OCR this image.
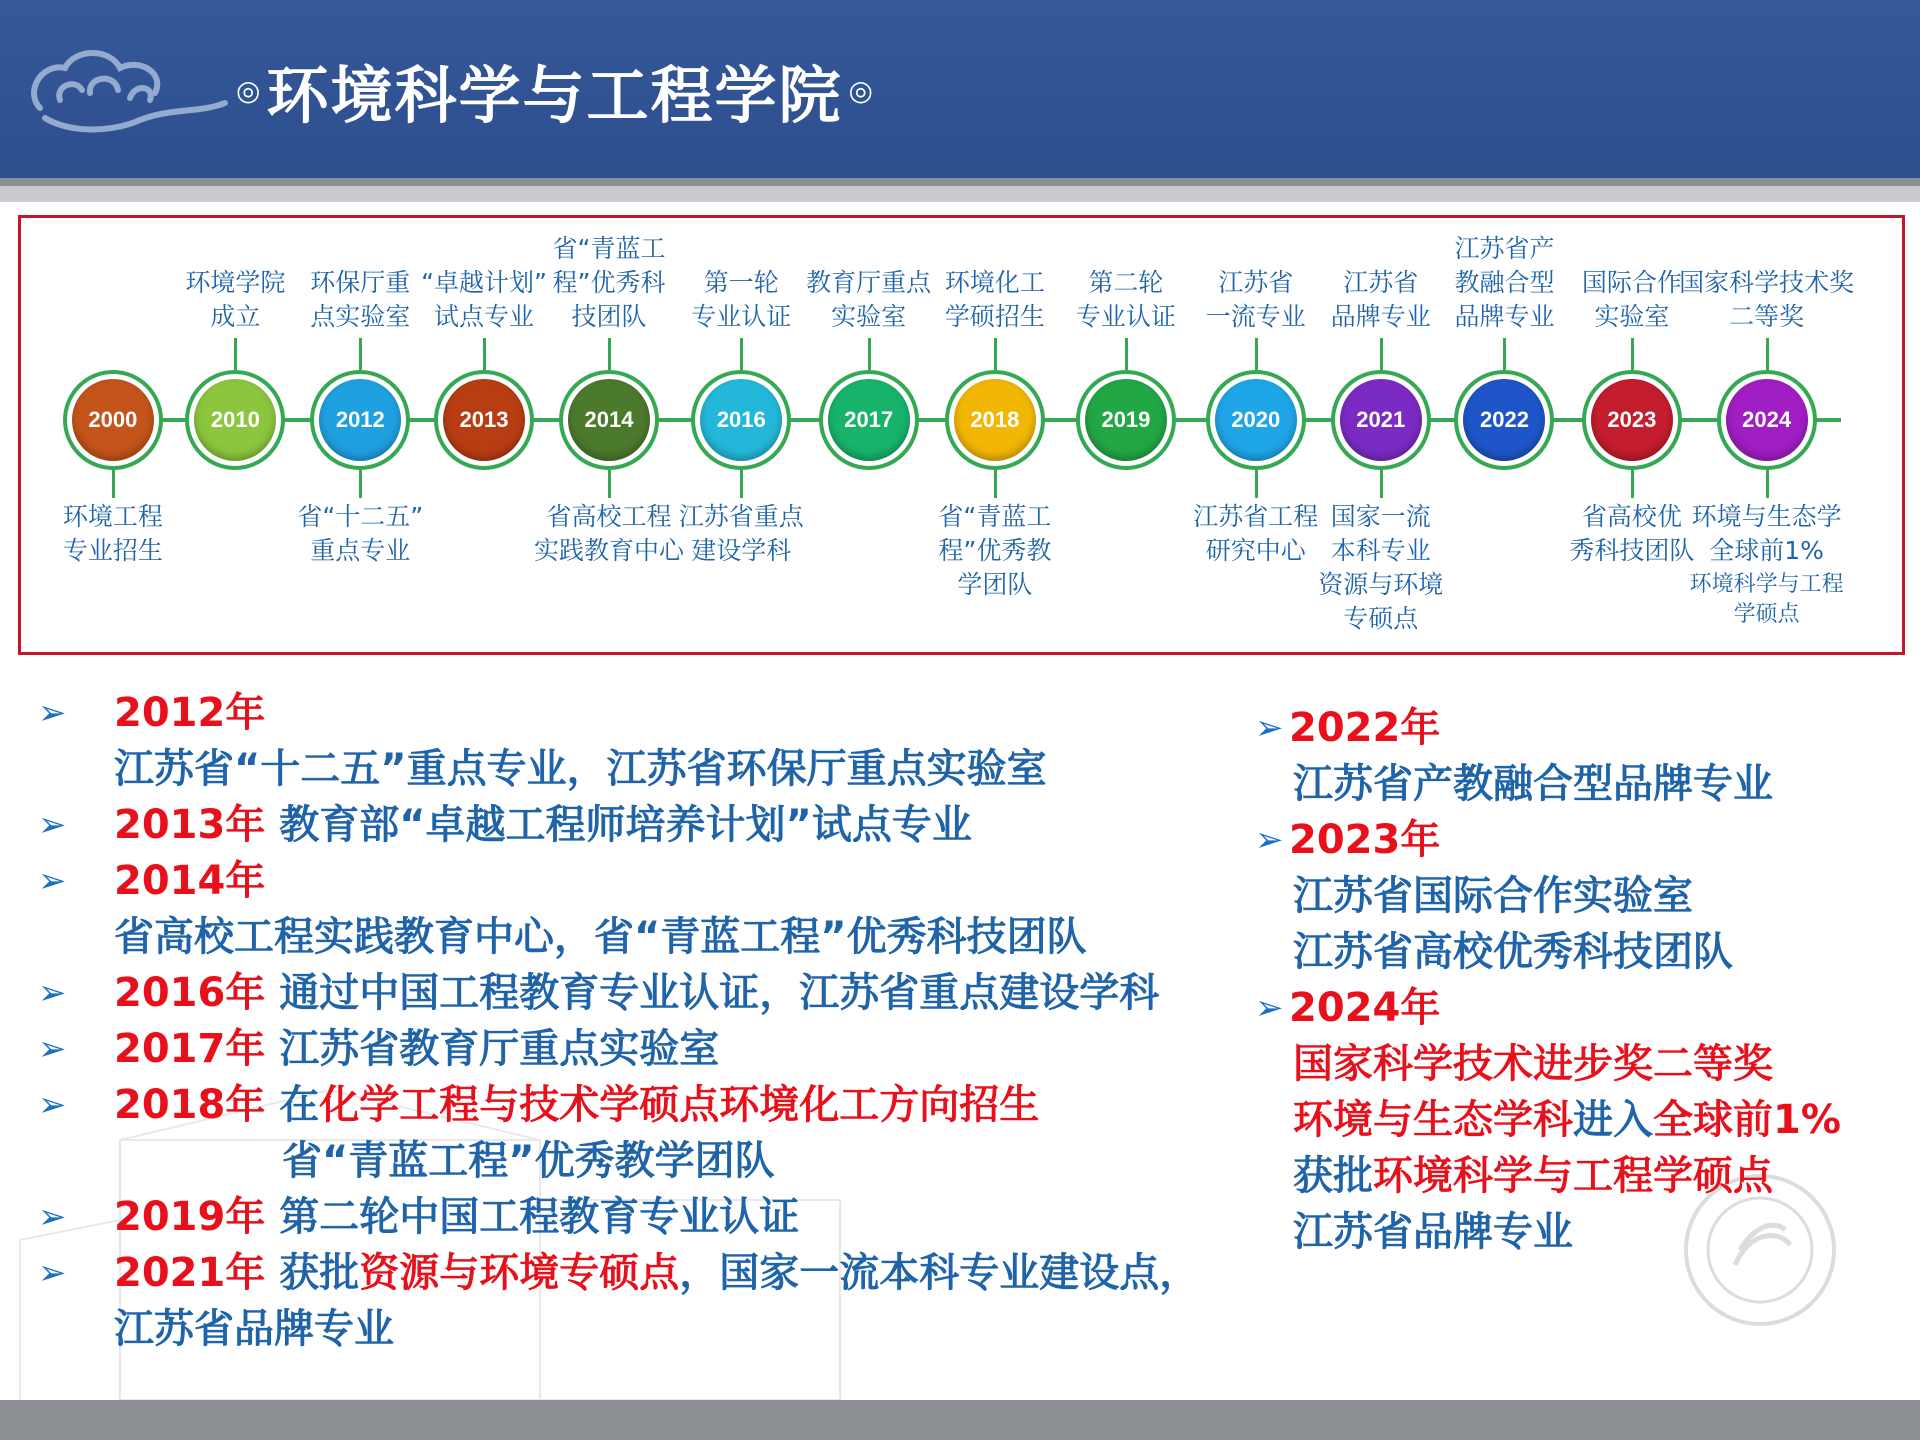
◎ 环境科学与工程学院 ◎
2000
环境工程
专业招生
2010
环境学院
成立
2012
环保厅重
点实验室
省“十二五”
重点专业
2013
“卓越计划”
试点专业
2014
省“青蓝工
程”优秀科
技团队
省高校工程
实践教育中心
2016
第一轮
专业认证
江苏省重点
建设学科
2017
教育厅重点
实验室
2018
环境化工
学硕招生
省“青蓝工
程”优秀教
学团队
2019
第二轮
专业认证
2020
江苏省
一流专业
江苏省工程
研究中心
2021
江苏省
品牌专业
国家一流
本科专业
资源与环境
专硕点
2022
江苏省产
教融合型
品牌专业
2023
国际合作
实验室
省高校优
秀科技团队
2024
国家科学技术奖
二等奖
环境与生态学
全球前1%
环境科学与工程
学硕点
➢ 2012年
江苏省“十二五”重点专业，江苏省环保厅重点实验室
➢ 2013年 教育部“卓越工程师培养计划”试点专业
➢ 2014年
省高校工程实践教育中心，省“青蓝工程”优秀科技团队
➢ 2016年 通过中国工程教育专业认证，江苏省重点建设学科
➢ 2017年 江苏省教育厅重点实验室
➢ 2018年 在化学工程与技术学硕点环境化工方向招生
省“青蓝工程”优秀教学团队
➢ 2019年 第二轮中国工程教育专业认证
➢ 2021年 获批资源与环境专硕点，国家一流本科专业建设点，
江苏省品牌专业
➢ 2022年
江苏省产教融合型品牌专业
➢ 2023年
江苏省国际合作实验室
江苏省高校优秀科技团队
➢ 2024年
国家科学技术进步奖二等奖
环境与生态学科进入全球前1%
获批环境科学与工程学硕点
江苏省品牌专业
